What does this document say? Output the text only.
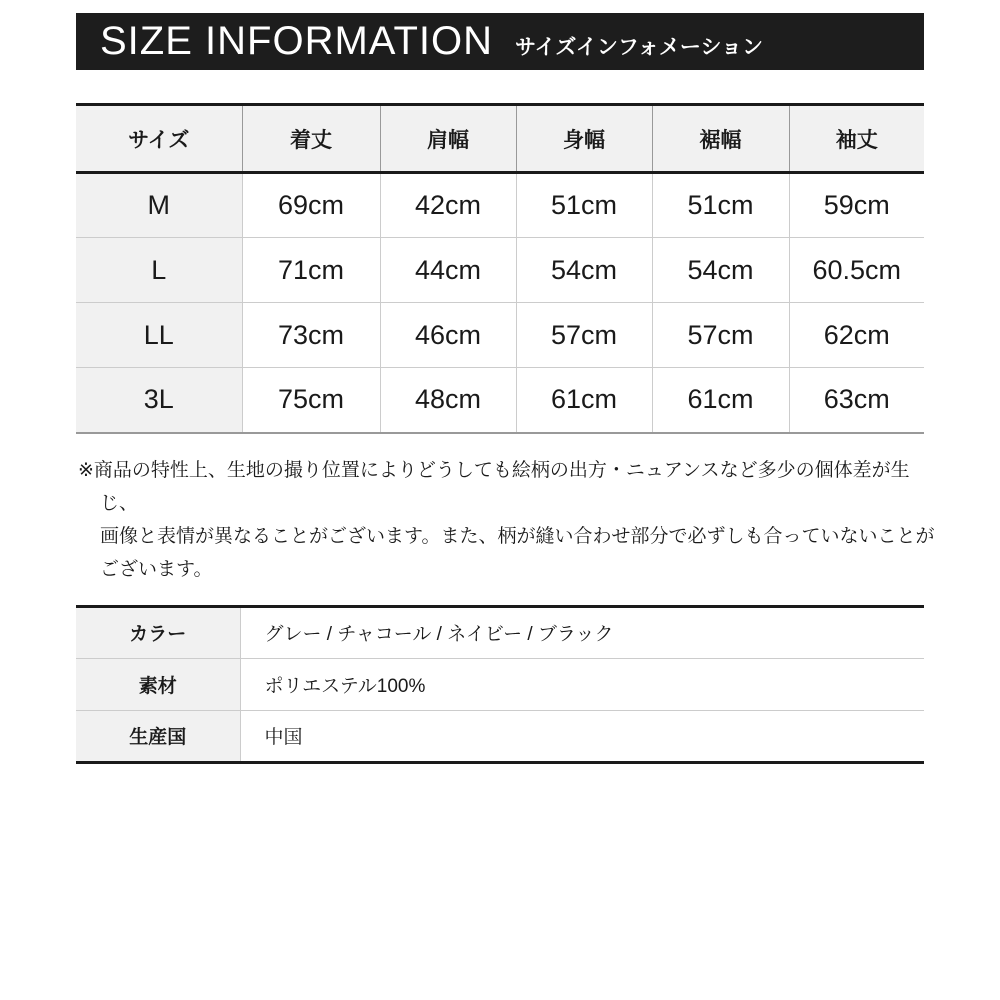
SIZE INFORMATION サイズインフォメーション
サイズ	着丈	肩幅	身幅	裾幅	袖丈
M	69cm	42cm	51cm	51cm	59cm
L	71cm	44cm	54cm	54cm	60.5cm
LL	73cm	46cm	57cm	57cm	62cm
3L	75cm	48cm	61cm	61cm	63cm
※商品の特性上、生地の撮り位置によりどうしても絵柄の出方・ニュアンスなど多少の個体差が生じ、
画像と表情が異なることがございます。また、柄が縫い合わせ部分で必ずしも合っていないことが
ございます。
カラー	グレー / チャコール / ネイビー / ブラック
素材	ポリエステル100%
生産国	中国
